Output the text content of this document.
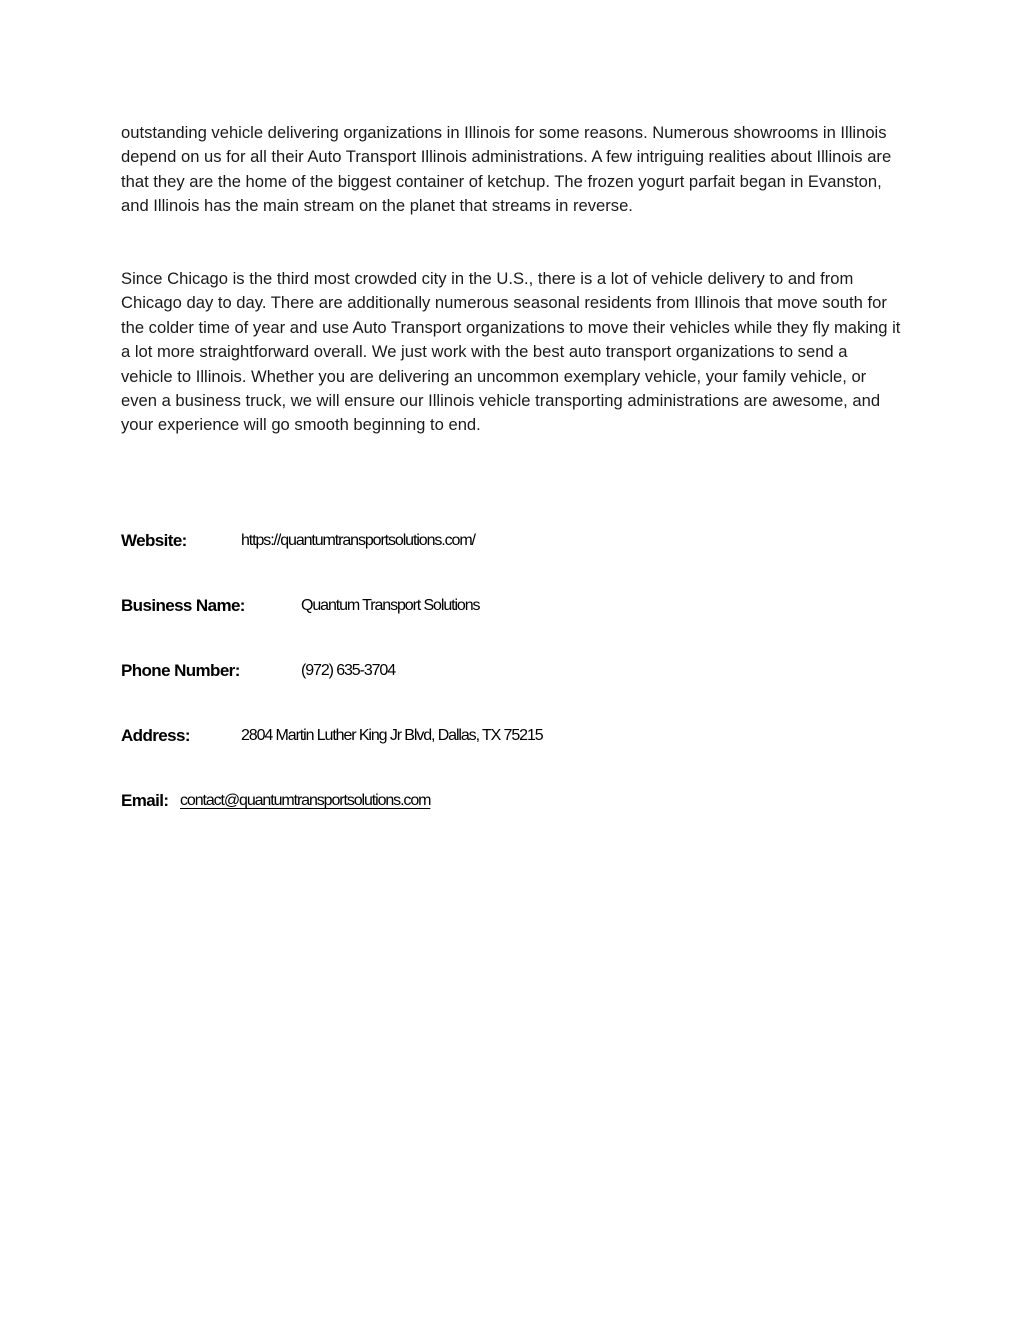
outstanding vehicle delivering organizations in Illinois for some reasons. Numerous showrooms in Illinois depend on us for all their Auto Transport Illinois administrations. A few intriguing realities about Illinois are that they are the home of the biggest container of ketchup. The frozen yogurt parfait began in Evanston, and Illinois has the main stream on the planet that streams in reverse.

Since Chicago is the third most crowded city in the U.S., there is a lot of vehicle delivery to and from Chicago day to day. There are additionally numerous seasonal residents from Illinois that move south for the colder time of year and use Auto Transport organizations to move their vehicles while they fly making it a lot more straightforward overall. We just work with the best auto transport organizations to send a vehicle to Illinois. Whether you are delivering an uncommon exemplary vehicle, your family vehicle, or even a business truck, we will ensure our Illinois vehicle transporting administrations are awesome, and your experience will go smooth beginning to end.

Website:	https://quantumtransportsolutions.com/
Business Name:	Quantum Transport Solutions
Phone Number:	(972) 635-3704
Address:	2804 Martin Luther King Jr Blvd, Dallas, TX 75215
Email: contact@quantumtransportsolutions.com
